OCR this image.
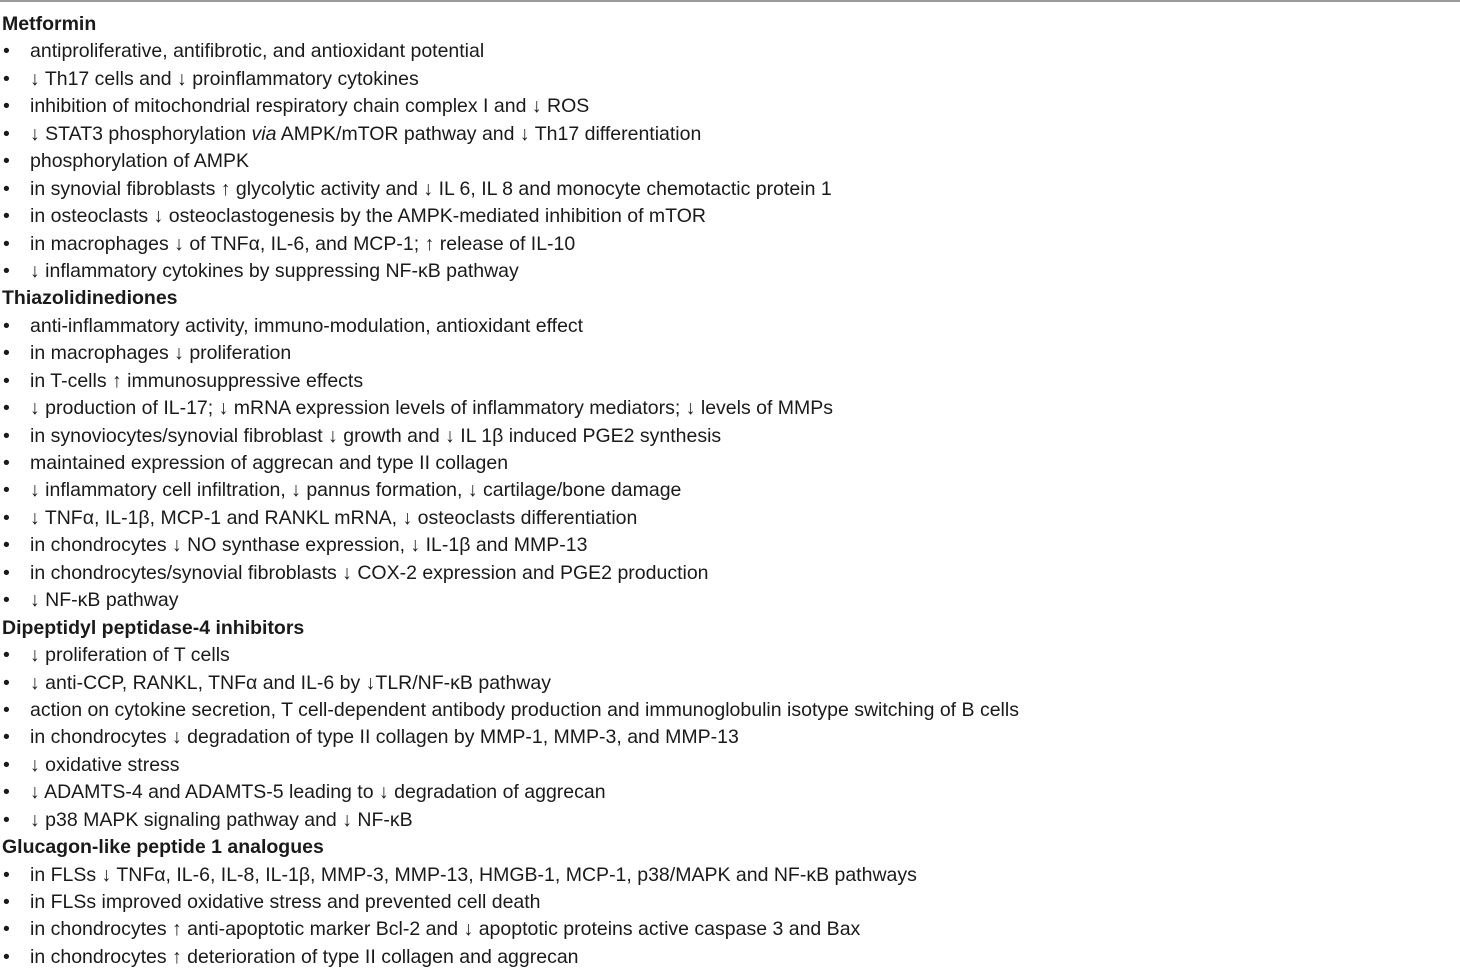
Metformin
• antiproliferative, antifibrotic, and antioxidant potential
• ↓ Th17 cells and ↓ proinflammatory cytokines
• inhibition of mitochondrial respiratory chain complex I and ↓ ROS
• ↓ STAT3 phosphorylation via AMPK/mTOR pathway and ↓ Th17 differentiation
• phosphorylation of AMPK
• in synovial fibroblasts ↑ glycolytic activity and ↓ IL 6, IL 8 and monocyte chemotactic protein 1
• in osteoclasts ↓ osteoclastogenesis by the AMPK-mediated inhibition of mTOR
• in macrophages ↓ of TNFα, IL-6, and MCP-1; ↑ release of IL-10
• ↓ inflammatory cytokines by suppressing NF-κB pathway
Thiazolidinediones
• anti-inflammatory activity, immuno-modulation, antioxidant effect
• in macrophages ↓ proliferation
• in T-cells ↑ immunosuppressive effects
• ↓ production of IL-17; ↓ mRNA expression levels of inflammatory mediators; ↓ levels of MMPs
• in synoviocytes/synovial fibroblast ↓ growth and ↓ IL 1β induced PGE2 synthesis
• maintained expression of aggrecan and type II collagen
• ↓ inflammatory cell infiltration, ↓ pannus formation, ↓ cartilage/bone damage
• ↓ TNFα, IL-1β, MCP-1 and RANKL mRNA, ↓ osteoclasts differentiation
• in chondrocytes ↓ NO synthase expression, ↓ IL-1β and MMP-13
• in chondrocytes/synovial fibroblasts ↓ COX-2 expression and PGE2 production
• ↓ NF-κB pathway
Dipeptidyl peptidase-4 inhibitors
• ↓ proliferation of T cells
• ↓ anti-CCP, RANKL, TNFα and IL-6 by ↓TLR/NF-κB pathway
• action on cytokine secretion, T cell-dependent antibody production and immunoglobulin isotype switching of B cells
• in chondrocytes ↓ degradation of type II collagen by MMP-1, MMP-3, and MMP-13
• ↓ oxidative stress
• ↓ ADAMTS-4 and ADAMTS-5 leading to ↓ degradation of aggrecan
• ↓ p38 MAPK signaling pathway and ↓ NF-κB
Glucagon-like peptide 1 analogues
• in FLSs ↓ TNFα, IL-6, IL-8, IL-1β, MMP-3, MMP-13, HMGB-1, MCP-1, p38/MAPK and NF-κB pathways
• in FLSs improved oxidative stress and prevented cell death
• in chondrocytes ↑ anti-apoptotic marker Bcl-2 and ↓ apoptotic proteins active caspase 3 and Bax
• in chondrocytes ↑ deterioration of type II collagen and aggrecan
